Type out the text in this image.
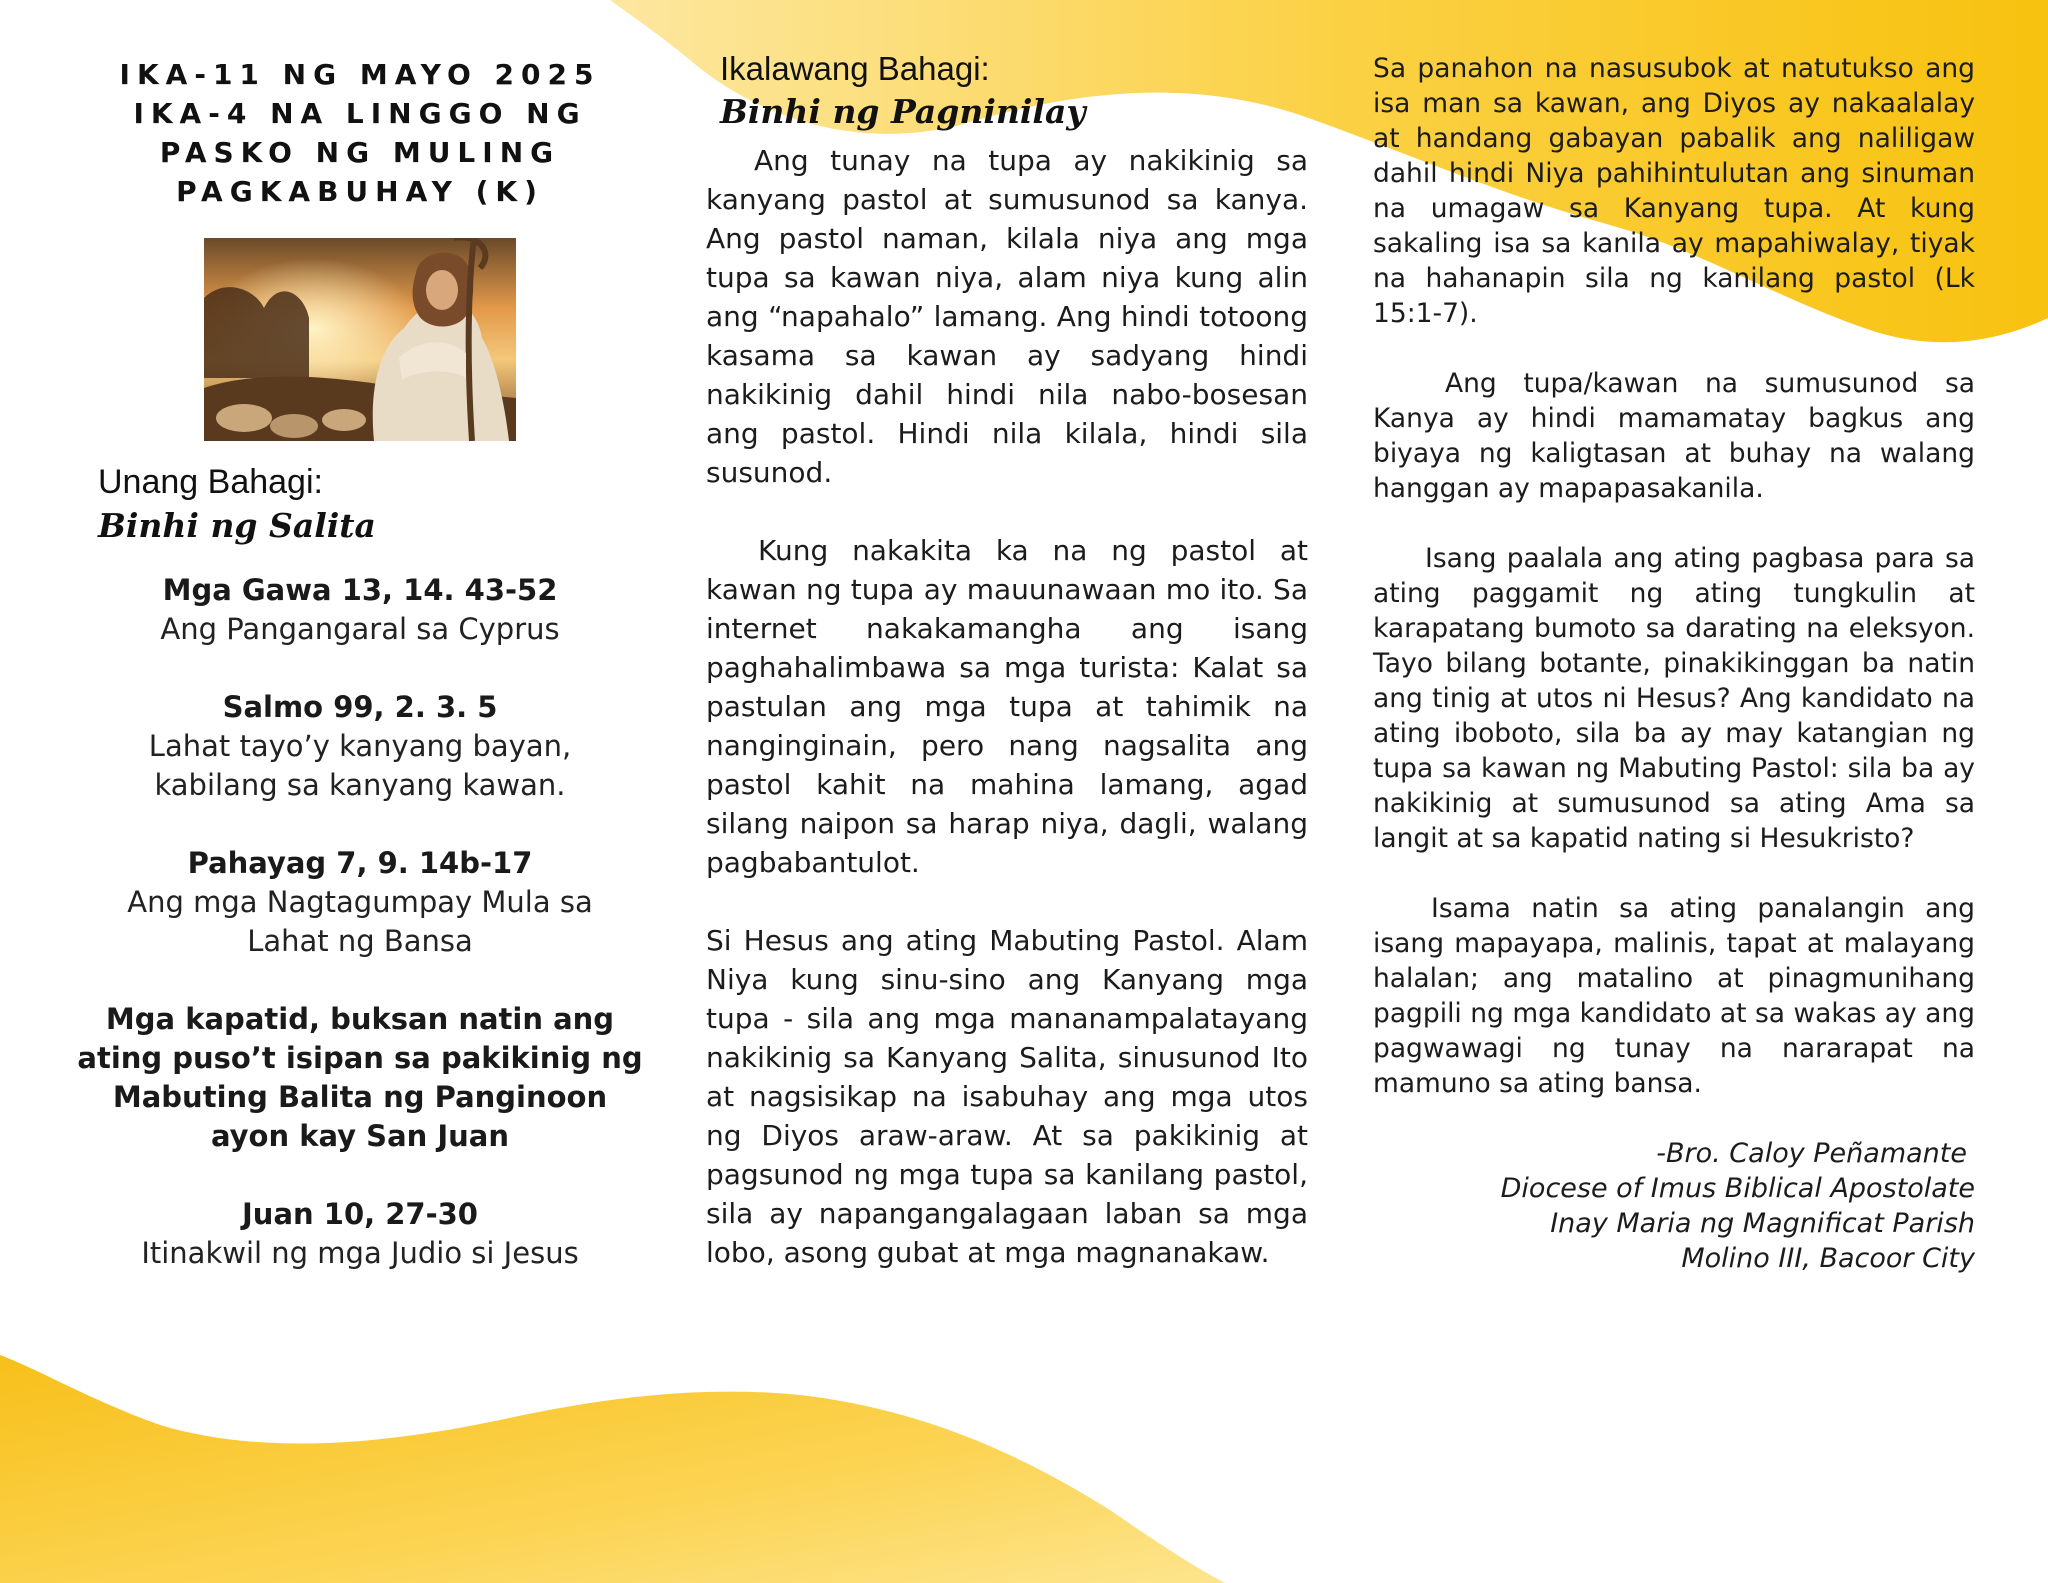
IKA-11 NG MAYO 2025
IKA-4 NA LINGGO NG
PASKO NG MULING
PAGKABUHAY (K)

Unang Bahagi:

Binhi ng Salita

Mga Gawa 13, 14. 43-52
Ang Pangangaral sa Cyprus
Salmo 99, 2. 3. 5
Lahat tayo’y kanyang bayan,
kabilang sa kanyang kawan.
Pahayag 7, 9. 14b-17
Ang mga Nagtagumpay Mula sa
Lahat ng Bansa
Mga kapatid, buksan natin ang
ating puso’t isipan sa pakikinig ng
Mabuting Balita ng Panginoon
ayon kay San Juan
Juan 10, 27-30
Itinakwil ng mga Judio si Jesus

Ikalawang Bahagi:

Binhi ng Pagninilay

Ang tunay na tupa ay nakikinig sa kanyang pastol at sumusunod sa kanya. Ang pastol naman, kilala niya ang mga tupa sa kawan niya, alam niya kung alin ang “napahalo” lamang. Ang hindi totoong kasama sa kawan ay sadyang hindi nakikinig dahil hindi nila nabo-bosesan ang pastol. Hindi nila kilala, hindi sila susunod.

Kung nakakita ka na ng pastol at kawan ng tupa ay mauunawaan mo ito. Sa internet nakakamangha ang isang paghahalimbawa sa mga turista: Kalat sa pastulan ang mga tupa at tahimik na nanginginain, pero nang nagsalita ang pastol kahit na mahina lamang, agad silang naipon sa harap niya, dagli, walang pagbabantulot.

Si Hesus ang ating Mabuting Pastol. Alam Niya kung sinu-sino ang Kanyang mga tupa - sila ang mga mananampalatayang nakikinig sa Kanyang Salita, sinusunod Ito at nagsisikap na isabuhay ang mga utos ng Diyos araw-araw. At sa pakikinig at pagsunod ng mga tupa sa kanilang pastol, sila ay napangangalagaan laban sa mga lobo, asong gubat at mga magnanakaw.

Sa panahon na nasusubok at natutukso ang isa man sa kawan, ang Diyos ay nakaalalay at handang gabayan pabalik ang naliligaw dahil hindi Niya pahihintulutan ang sinuman na umagaw sa Kanyang tupa. At kung sakaling isa sa kanila ay mapahiwalay, tiyak na hahanapin sila ng kanilang pastol (Lk 15:1-7).

Ang tupa/kawan na sumusunod sa Kanya ay hindi mamamatay bagkus ang biyaya ng kaligtasan at buhay na walang hanggan ay mapapasakanila.

Isang paalala ang ating pagbasa para sa ating paggamit ng ating tungkulin at karapatang bumoto sa darating na eleksyon. Tayo bilang botante, pinakikinggan ba natin ang tinig at utos ni Hesus? Ang kandidato na ating iboboto, sila ba ay may katangian ng tupa sa kawan ng Mabuting Pastol: sila ba ay nakikinig at sumusunod sa ating Ama sa langit at sa kapatid nating si Hesukristo?

Isama natin sa ating panalangin ang isang mapayapa, malinis, tapat at malayang halalan; ang matalino at pinagmunihang pagpili ng mga kandidato at sa wakas ay ang pagwawagi ng tunay na nararapat na mamuno sa ating bansa.

-Bro. Caloy Peñamante
Diocese of Imus Biblical Apostolate
Inay Maria ng Magnificat Parish
Molino III, Bacoor City
